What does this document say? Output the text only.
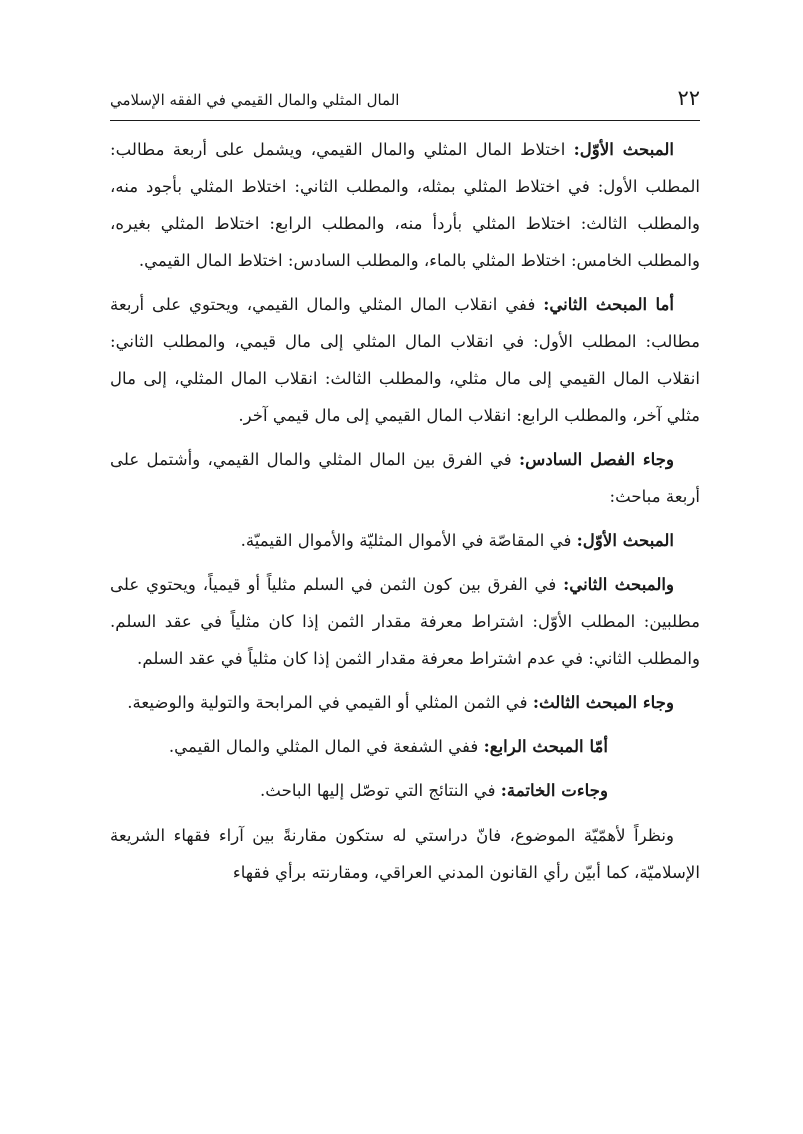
٢٢
المال المثلي والمال القيمي في الفقه الإسلامي

المبحث الأوّل: اختلاط المال المثلي والمال القيمي، ويشمل على أربعة مطالب: المطلب الأول: في اختلاط المثلي بمثله، والمطلب الثاني: اختلاط المثلي بأجود منه، والمطلب الثالث: اختلاط المثلي بأردأ منه، والمطلب الرابع: اختلاط المثلي بغيره، والمطلب الخامس: اختلاط المثلي بالماء، والمطلب السادس: اختلاط المال القيمي.

أما المبحث الثاني: ففي انقلاب المال المثلي والمال القيمي، ويحتوي على أربعة مطالب: المطلب الأول: في انقلاب المال المثلي إلى مال قيمي، والمطلب الثاني: انقلاب المال القيمي إلى مال مثلي، والمطلب الثالث: انقلاب المال المثلي، إلى مال مثلي آخر، والمطلب الرابع: انقلاب المال القيمي إلى مال قيمي آخر.

وجاء الفصل السادس: في الفرق بين المال المثلي والمال القيمي، وأشتمل على أربعة مباحث:

المبحث الأوّل: في المقاصّة في الأموال المثليّة والأموال القيميّة.

والمبحث الثاني: في الفرق بين كون الثمن في السلم مثلياً أو قيمياً، ويحتوي على مطلبين: المطلب الأوّل: اشتراط معرفة مقدار الثمن إذا كان مثلياً في عقد السلم. والمطلب الثاني: في عدم اشتراط معرفة مقدار الثمن إذا كان مثلياً في عقد السلم.

وجاء المبحث الثالث: في الثمن المثلي أو القيمي في المرابحة والتولية والوضيعة.

أمّا المبحث الرابع: ففي الشفعة في المال المثلي والمال القيمي.

وجاءت الخاتمة: في النتائج التي توصّل إليها الباحث.

ونظراً لأهمّيّة الموضوع، فانّ دراستي له ستكون مقارنةً بين آراء فقهاء الشريعة الإسلاميّة، كما أبيّن رأي القانون المدني العراقي، ومقارنته برأي فقهاء
